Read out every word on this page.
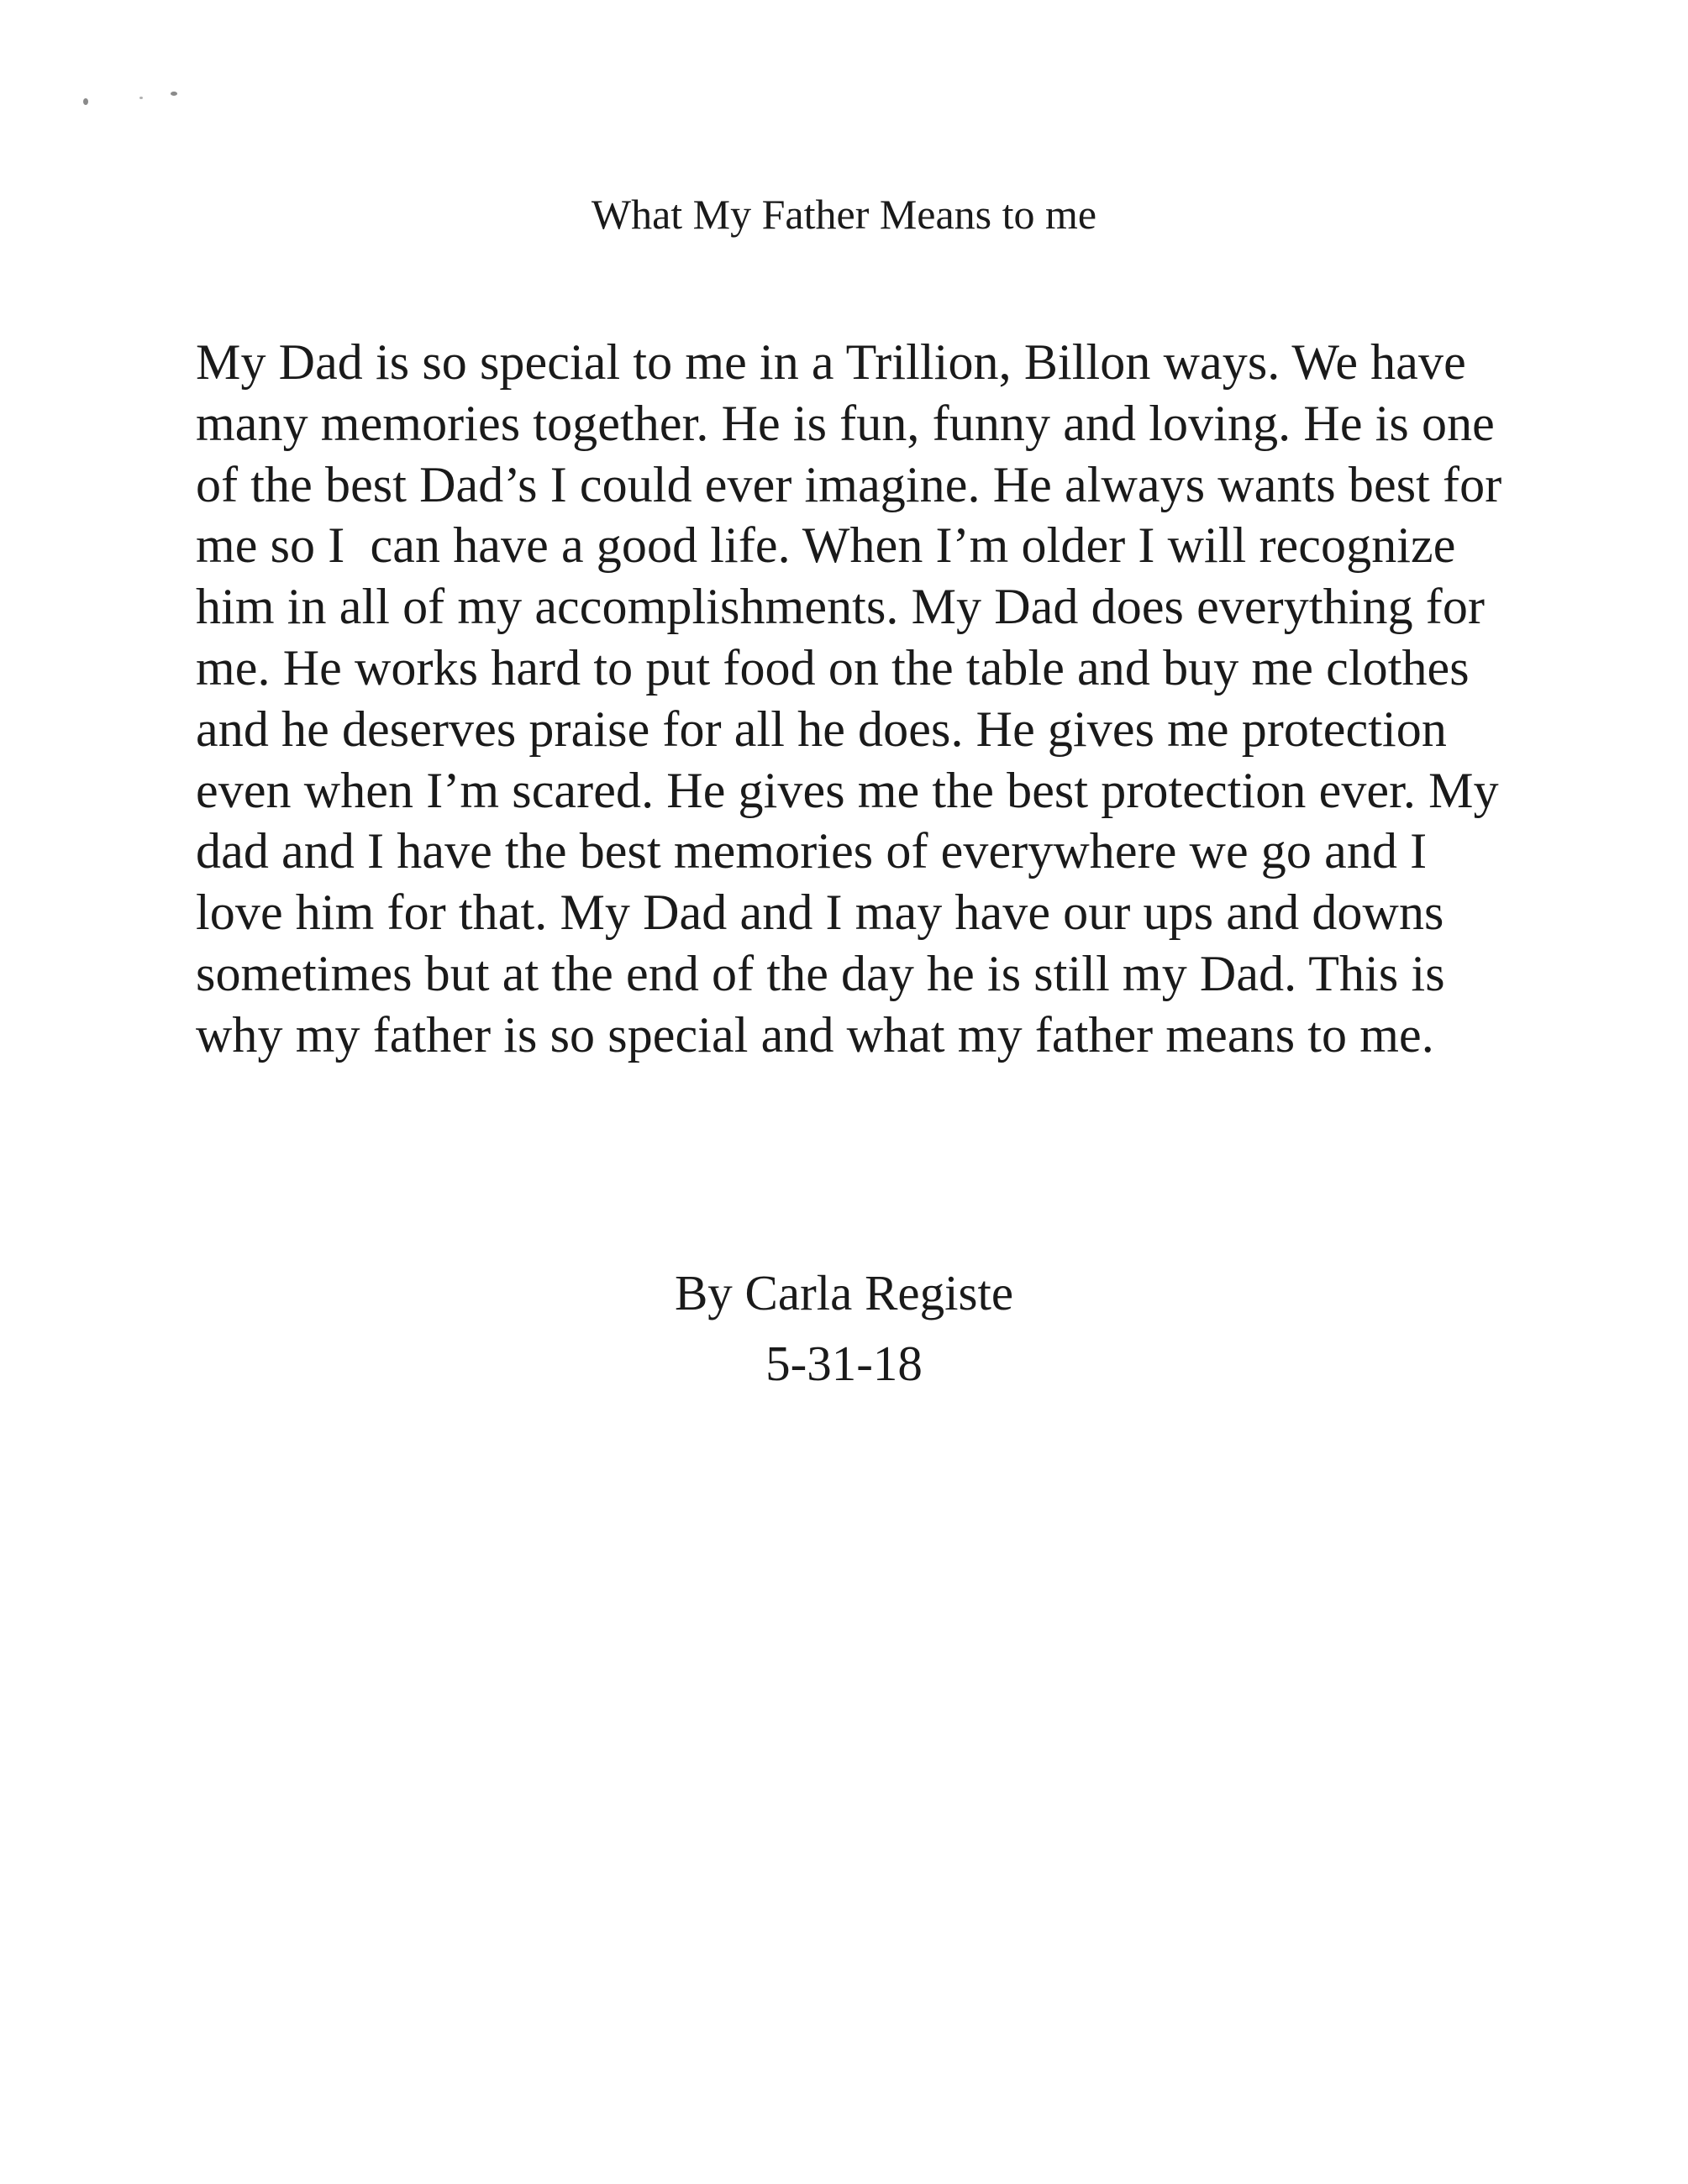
What My Father Means to me
My Dad is so special to me in a Trillion, Billon ways. We have
many memories together. He is fun, funny and loving. He is one
of the best Dad’s I could ever imagine. He always wants best for
me so I  can have a good life. When I’m older I will recognize
him in all of my accomplishments. My Dad does everything for
me. He works hard to put food on the table and buy me clothes
and he deserves praise for all he does. He gives me protection
even when I’m scared. He gives me the best protection ever. My
dad and I have the best memories of everywhere we go and I
love him for that. My Dad and I may have our ups and downs
sometimes but at the end of the day he is still my Dad. This is
why my father is so special and what my father means to me.
By Carla Registe
5-31-18
